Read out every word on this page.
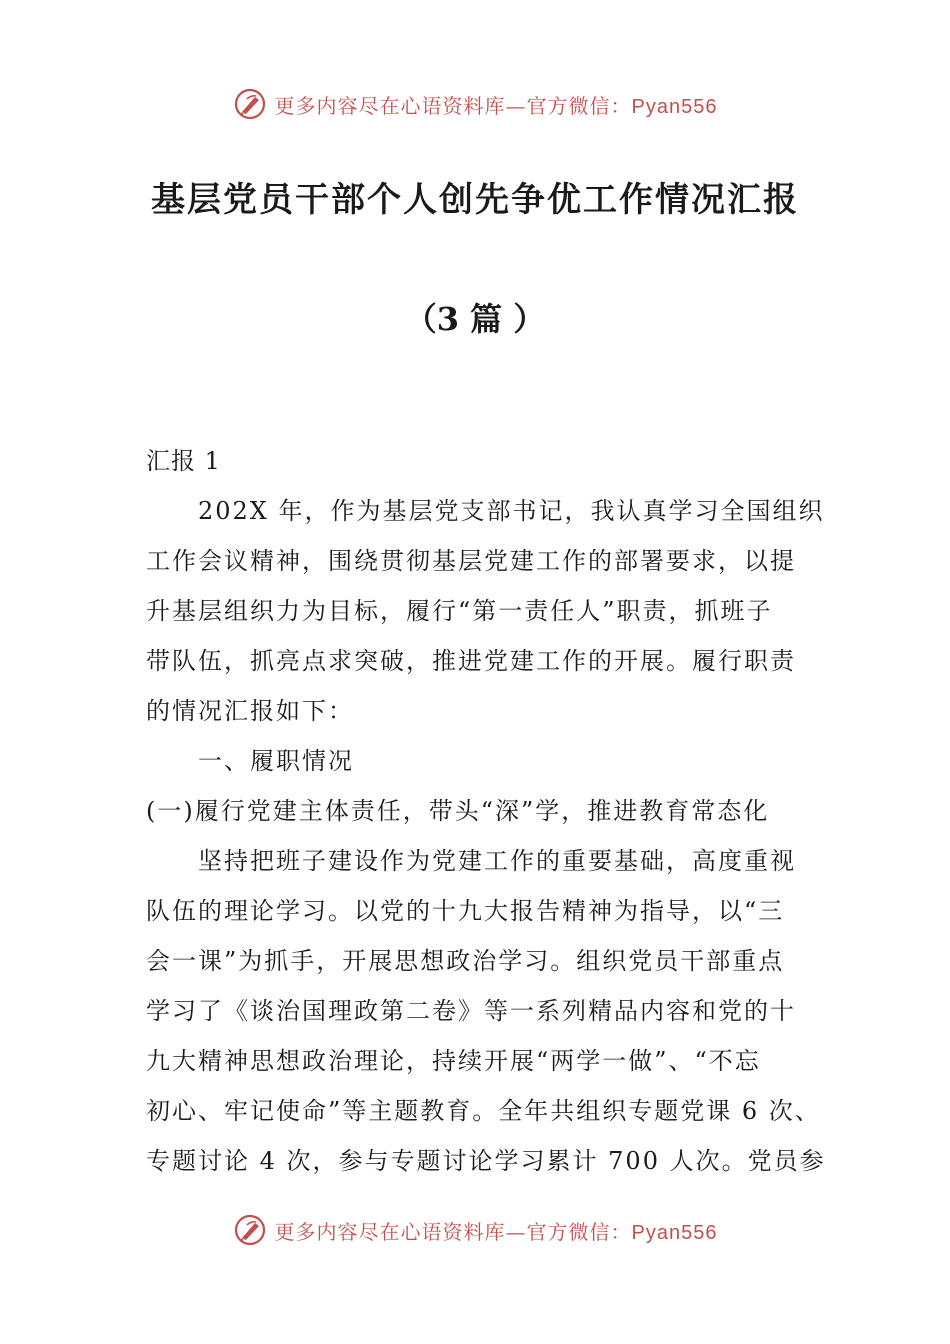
更多内容尽在心语资料库—官方微信：Pyan556
基层党员干部个人创先争优工作情况汇报
（3 篇 ）
汇报 1
202X 年，作为基层党支部书记，我认真学习全国组织
工作会议精神，围绕贯彻基层党建工作的部署要求，以提
升基层组织力为目标，履行“第一责任人”职责，抓班子
带队伍，抓亮点求突破，推进党建工作的开展。履行职责
的情况汇报如下：
一、履职情况
(一)履行党建主体责任，带头“深”学，推进教育常态化
坚持把班子建设作为党建工作的重要基础，高度重视
队伍的理论学习。以党的十九大报告精神为指导，以“三
会一课”为抓手，开展思想政治学习。组织党员干部重点
学习了《谈治国理政第二卷》等一系列精品内容和党的十
九大精神思想政治理论，持续开展“两学一做”、“不忘
初心、牢记使命”等主题教育。全年共组织专题党课 6 次、
专题讨论 4 次，参与专题讨论学习累计 700 人次。党员参
更多内容尽在心语资料库—官方微信：Pyan556
